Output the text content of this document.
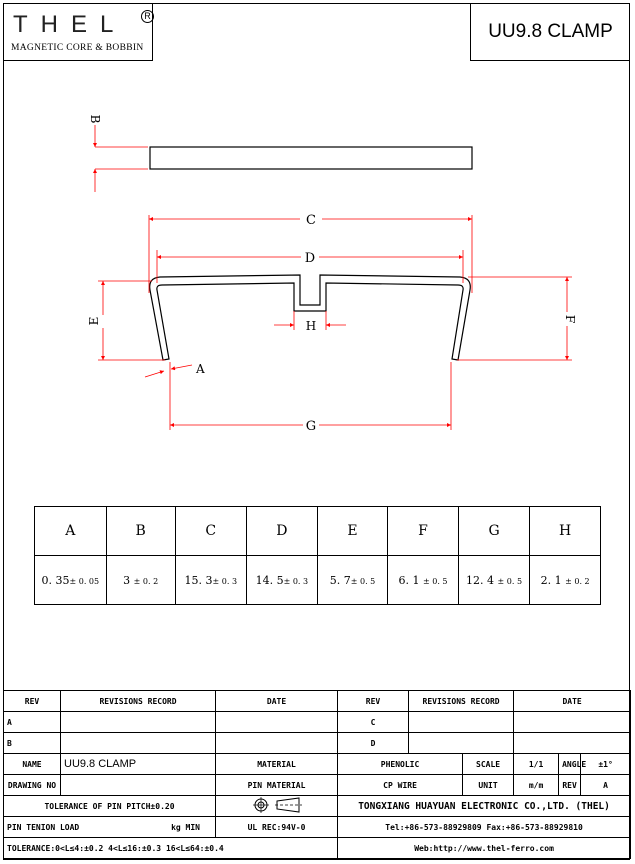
THEL	R
MAGNETIC CORE & BOBBIN
UU9.8 CLAMP
B
C
D
E	F
H
A
G
A	B	C	D	E	F	G	H
0. 35± 0. 05	3 ± 0. 2	15. 3± 0. 3	14. 5± 0. 3	5. 7± 0. 5	6. 1 ± 0. 5	12. 4 ± 0. 5	2. 1 ± 0. 2
REV	REVISIONS RECORD	DATE	REV	REVISIONS RECORD		DATE		
A			C					
B			D					
NAME	UU9.8 CLAMP	MATERIAL	PHENOLIC		SCALE	1/1	ANGLE	±1°
DRAWING NO		PIN MATERIAL	CP WIRE		UNIT	m/m	REV	A
TOLERANCE OF PIN PITCH±0.20			TONGXIANG HUAYUAN ELECTRONIC CO.,LTD. (THEL)					
PIN TENION LOAD kg MIN		UL REC:94V-0	Tel:+86-573-88929809 Fax:+86-573-88929810					
TOLERANCE:0<L≤4:±0.2 4<L≤16:±0.3 16<L≤64:±0.4			Web:http://www.thel-ferro.com					
